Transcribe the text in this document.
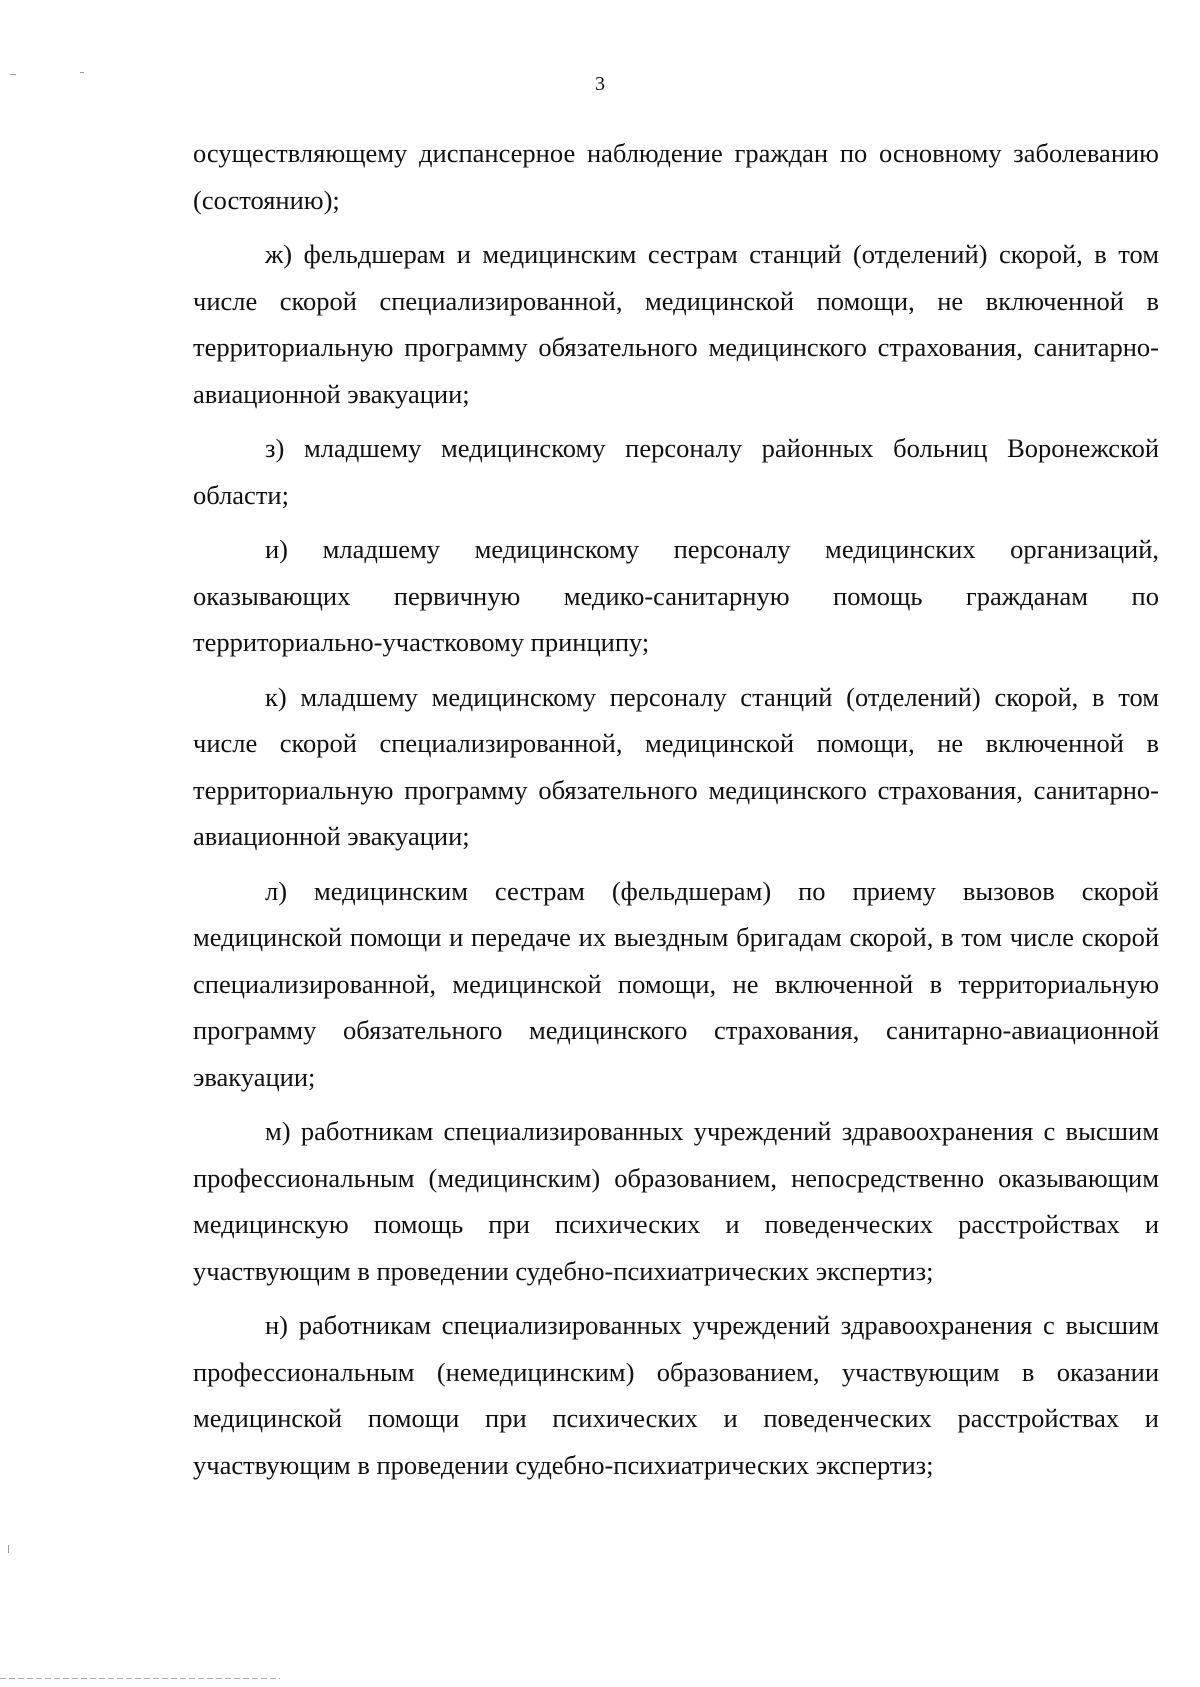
3

осуществляющему диспансерное наблюдение граждан по основному заболеванию (состоянию);

ж) фельдшерам и медицинским сестрам станций (отделений) скорой, в том числе скорой специализированной, медицинской помощи, не включенной в территориальную программу обязательного медицинского страхования, санитарно-авиационной эвакуации;

з) младшему медицинскому персоналу районных больниц Воронежской области;

и) младшему медицинскому персоналу медицинских организаций, оказывающих первичную медико-санитарную помощь гражданам по территориально-участковому принципу;

к) младшему медицинскому персоналу станций (отделений) скорой, в том числе скорой специализированной, медицинской помощи, не включенной в территориальную программу обязательного медицинского страхования, санитарно-авиационной эвакуации;

л) медицинским сестрам (фельдшерам) по приему вызовов скорой медицинской помощи и передаче их выездным бригадам скорой, в том числе скорой специализированной, медицинской помощи, не включенной в территориальную программу обязательного медицинского страхования, санитарно-авиационной эвакуации;

м) работникам специализированных учреждений здравоохранения с высшим профессиональным (медицинским) образованием, непосредственно оказывающим медицинскую помощь при психических и поведенческих расстройствах и участвующим в проведении судебно-психиатрических экспертиз;

н) работникам специализированных учреждений здравоохранения с высшим профессиональным (немедицинским) образованием, участвующим в оказании медицинской помощи при психических и поведенческих расстройствах и участвующим в проведении судебно-психиатрических экспертиз;
